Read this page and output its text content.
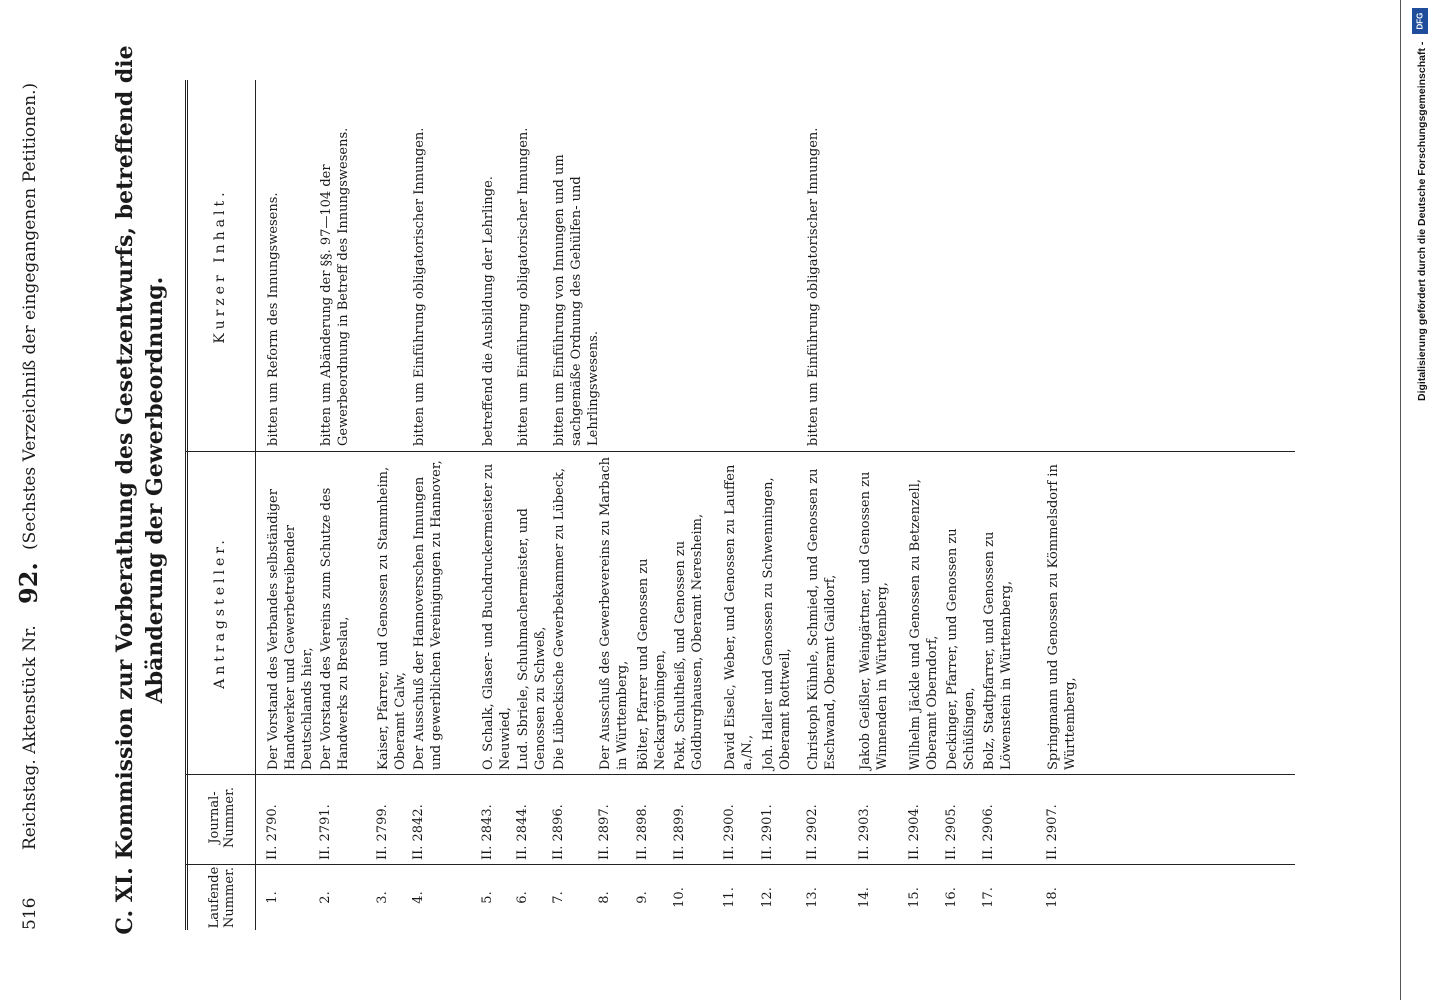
516
Reichstag. Aktenstück Nr.
92.
(Sechstes Verzeichniß der eingegangenen Petitionen.)	C. XI. Kommission zur Vorberathung des Gesetzentwurfs, betreffend die Abänderung der Gewerbeordnung.
Laufende Nummer.
Journal-Nummer.
Antragsteller.
Kurzer Inhalt.
1.
II. 2790.
Der Vorstand des Verbandes selbständiger Handwerker und Gewerbetreibender Deutschlands hier,
bitten um Reform des Innungswesens.
2.
II. 2791.
Der Vorstand des Vereins zum Schutze des Handwerks zu Breslau,
bitten um Abänderung der §§. 97—104 der Gewerbeordnung in Betreff des Innungswesens.
3.
II. 2799.
Kaiser, Pfarrer, und Genossen zu Stammheim, Oberamt Calw,
4.
II. 2842.
Der Ausschuß der Hannoverschen Innungen und gewerblichen Vereinigungen zu Hannover,
bitten um Einführung obligatorischer Innungen.
5.
II. 2843.
O. Schalk, Glaser- und Buchdruckermeister zu Neuwied,
betreffend die Ausbildung der Lehrlinge.
6.
II. 2844.
Lud. Sbriele, Schuhmachermeister, und Genossen zu Schweß,
bitten um Einführung obligatorischer Innungen.
7.
II. 2896.
Die Lübeckische Gewerbekammer zu Lübeck,
bitten um Einführung von Innungen und um sachgemäße Ordnung des Gehülfen- und Lehrlingswesens.
8.
II. 2897.
Der Ausschuß des Gewerbevereins zu Marbach in Württemberg,
9.
II. 2898.
Bölter, Pfarrer und Genossen zu Neckargröningen,
10.
II. 2899.
Pokt, Schultheiß, und Genossen zu Goldburghausen, Oberamt Neresheim,
11.
II. 2900.
David Eiselc, Weber, und Genossen zu Lauffen a./N.,
12.
II. 2901.
Joh. Haller und Genossen zu Schwenningen, Oberamt Rottweil,
13.
II. 2902.
Christoph Kühnle, Schmied, und Genossen zu Eschwand, Oberamt Gaildorf,
bitten um Einführung obligatorischer Innungen.
14.
II. 2903.
Jakob Geißler, Weingärtner, und Genossen zu Winnenden in Württemberg,
15.
II. 2904.
Wilhelm Jäckle und Genossen zu Betzenzell, Oberamt Oberndorf,
16.
II. 2905.
Deckinger, Pfarrer, und Genossen zu Schüßingen,
17.
II. 2906.
Bolz, Stadtpfarrer, und Genossen zu Löwenstein in Württemberg,
18.
II. 2907.
Springmann und Genossen zu Kömmelsdorf in Württemberg,
Digitalisierung gefördert durch die Deutsche Forschungsgemeinschaft -
DFG
